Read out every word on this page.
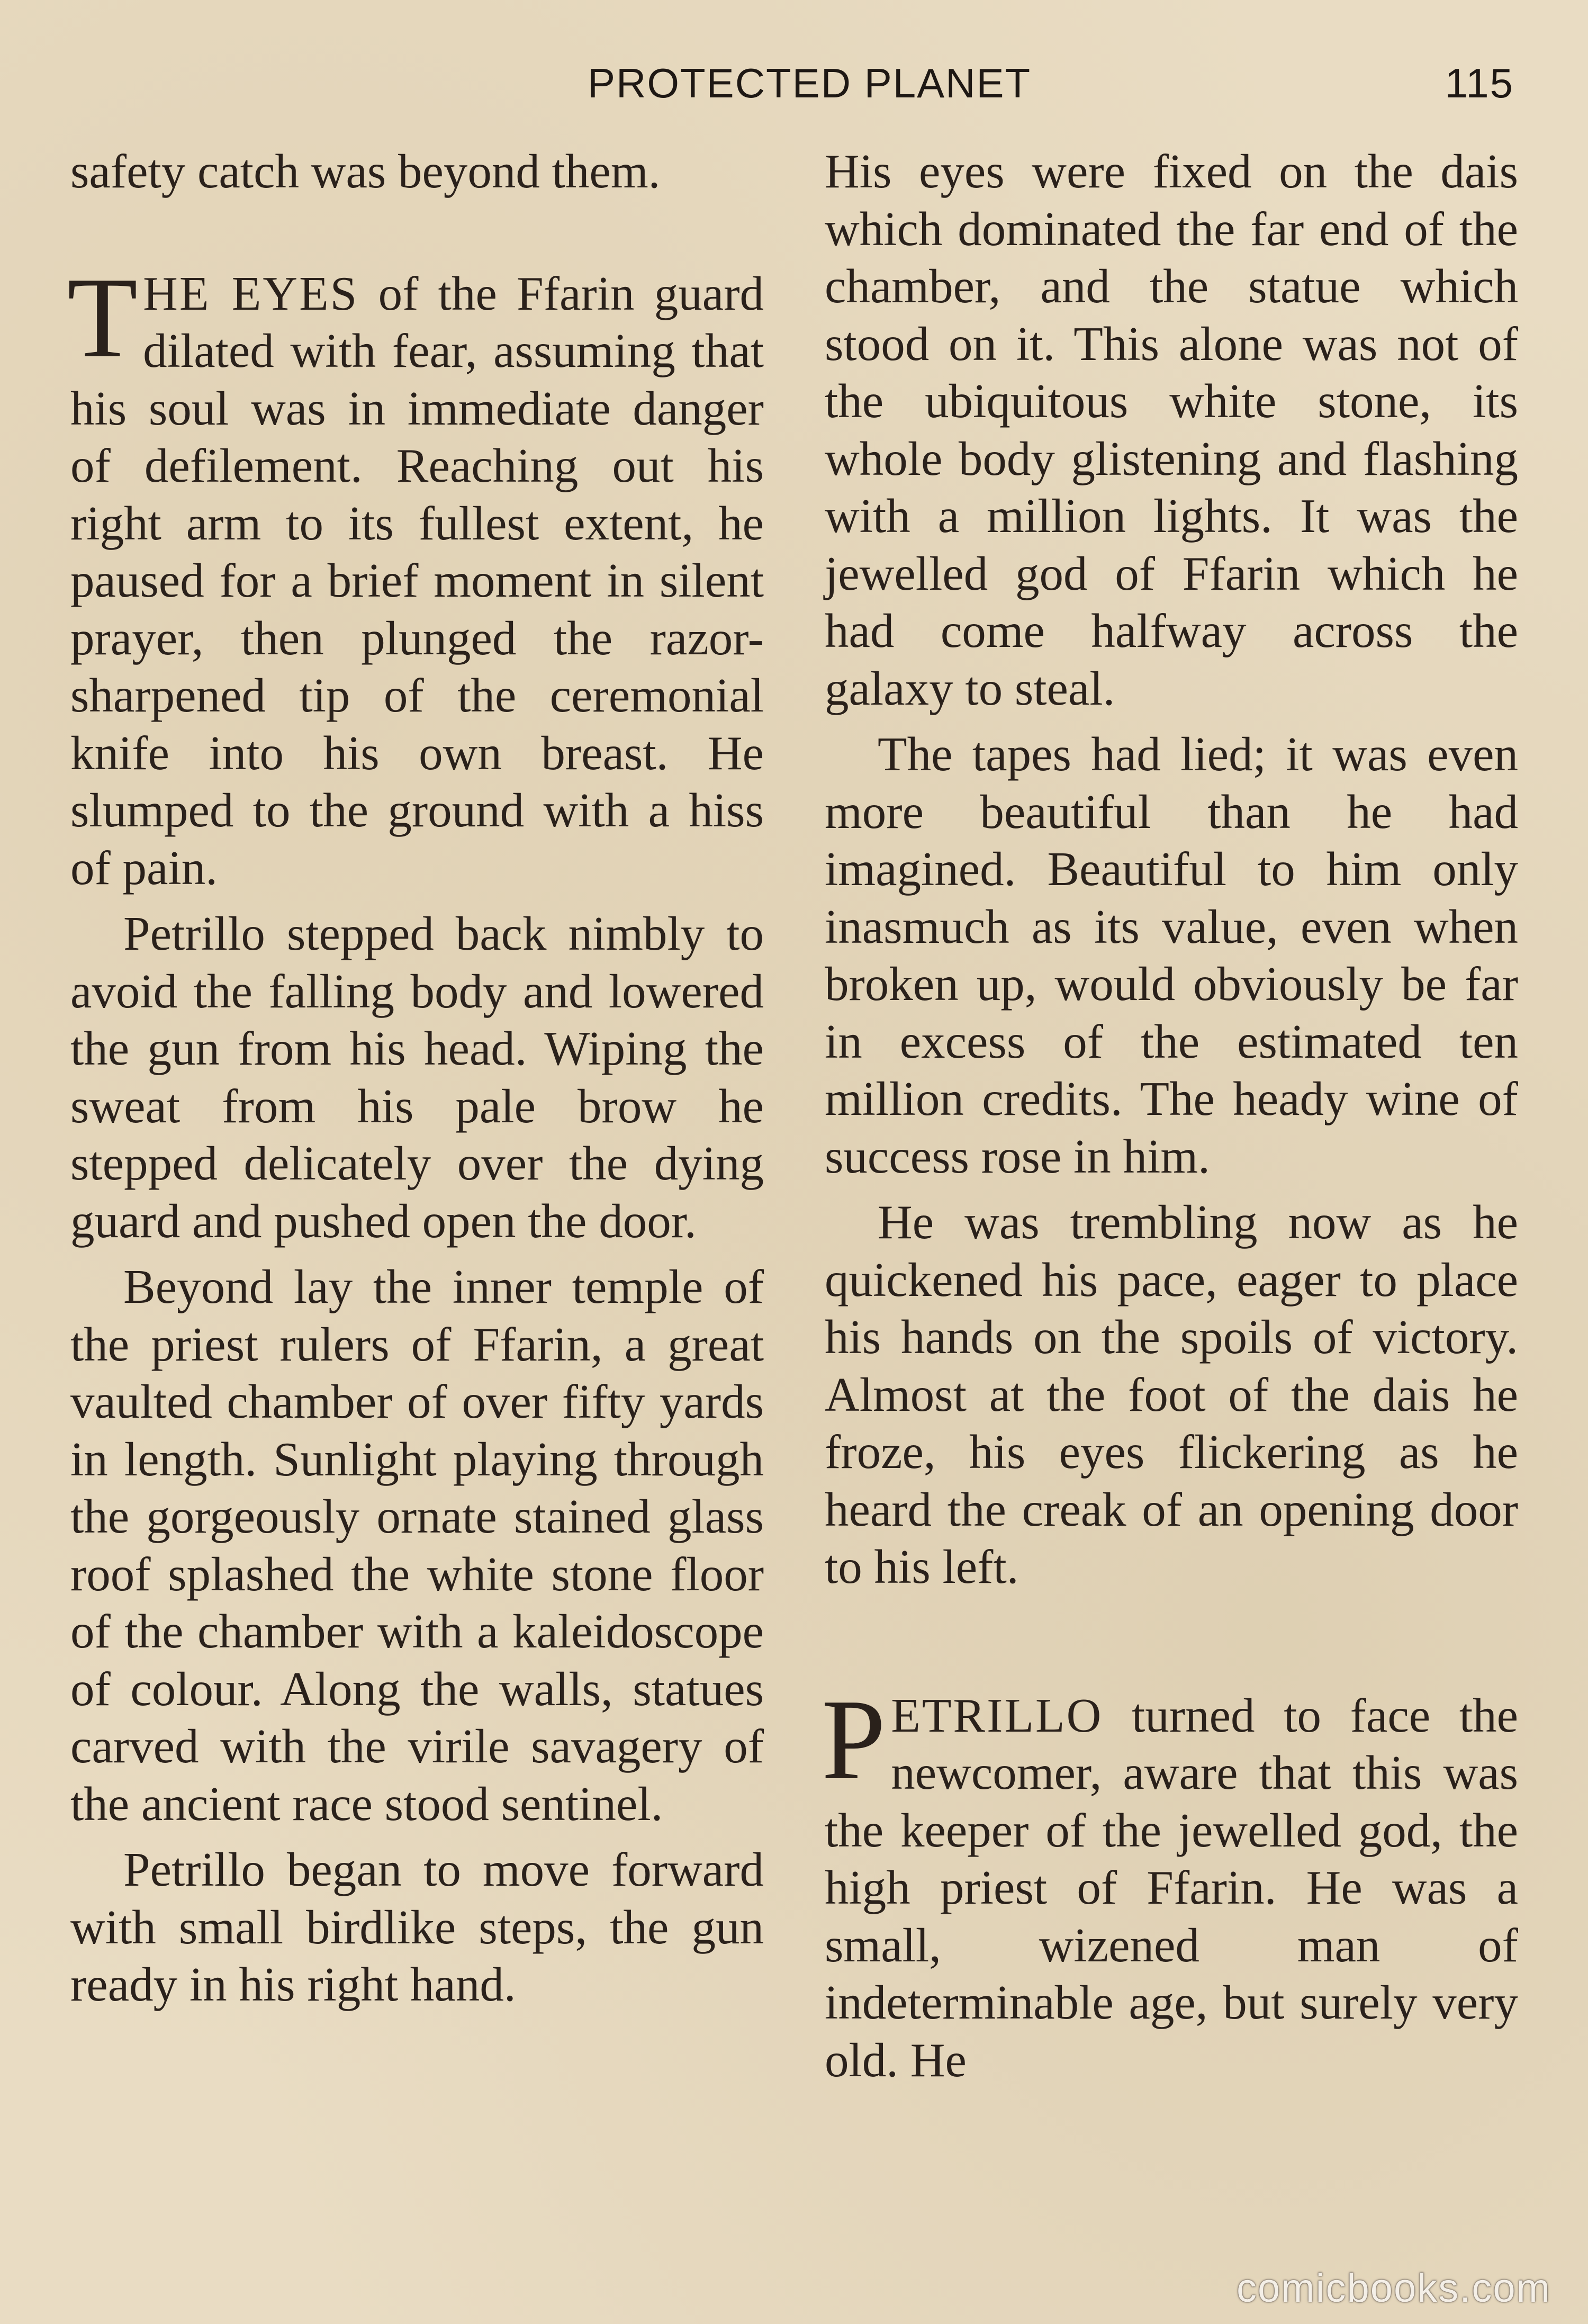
PROTECTED PLANET	115

safety catch was beyond them.

THE EYES of the Ffarin guard dilated with fear, assuming that his soul was in immediate danger of defilement. Reaching out his right arm to its fullest extent, he paused for a brief moment in silent prayer, then plunged the razor-sharpened tip of the ceremonial knife into his own breast. He slumped to the ground with a hiss of pain.

Petrillo stepped back nimbly to avoid the falling body and lowered the gun from his head. Wiping the sweat from his pale brow he stepped delicately over the dying guard and pushed open the door.

Beyond lay the inner temple of the priest rulers of Ffarin, a great vaulted chamber of over fifty yards in length. Sunlight playing through the gorgeously ornate stained glass roof splashed the white stone floor of the chamber with a kaleidoscope of colour. Along the walls, statues carved with the virile savagery of the ancient race stood sentinel.

Petrillo began to move forward with small birdlike steps, the gun ready in his right hand.

His eyes were fixed on the dais which dominated the far end of the chamber, and the statue which stood on it. This alone was not of the ubiquitous white stone, its whole body glistening and flashing with a million lights. It was the jewelled god of Ffarin which he had come halfway across the galaxy to steal.

The tapes had lied; it was even more beautiful than he had imagined. Beautiful to him only inasmuch as its value, even when broken up, would obviously be far in excess of the estimated ten million credits. The heady wine of success rose in him.

He was trembling now as he quickened his pace, eager to place his hands on the spoils of victory. Almost at the foot of the dais he froze, his eyes flickering as he heard the creak of an opening door to his left.

PETRILLO turned to face the newcomer, aware that this was the keeper of the jewelled god, the high priest of Ffarin. He was a small, wizened man of indeterminable age, but surely very old. He

comicbooks.com
